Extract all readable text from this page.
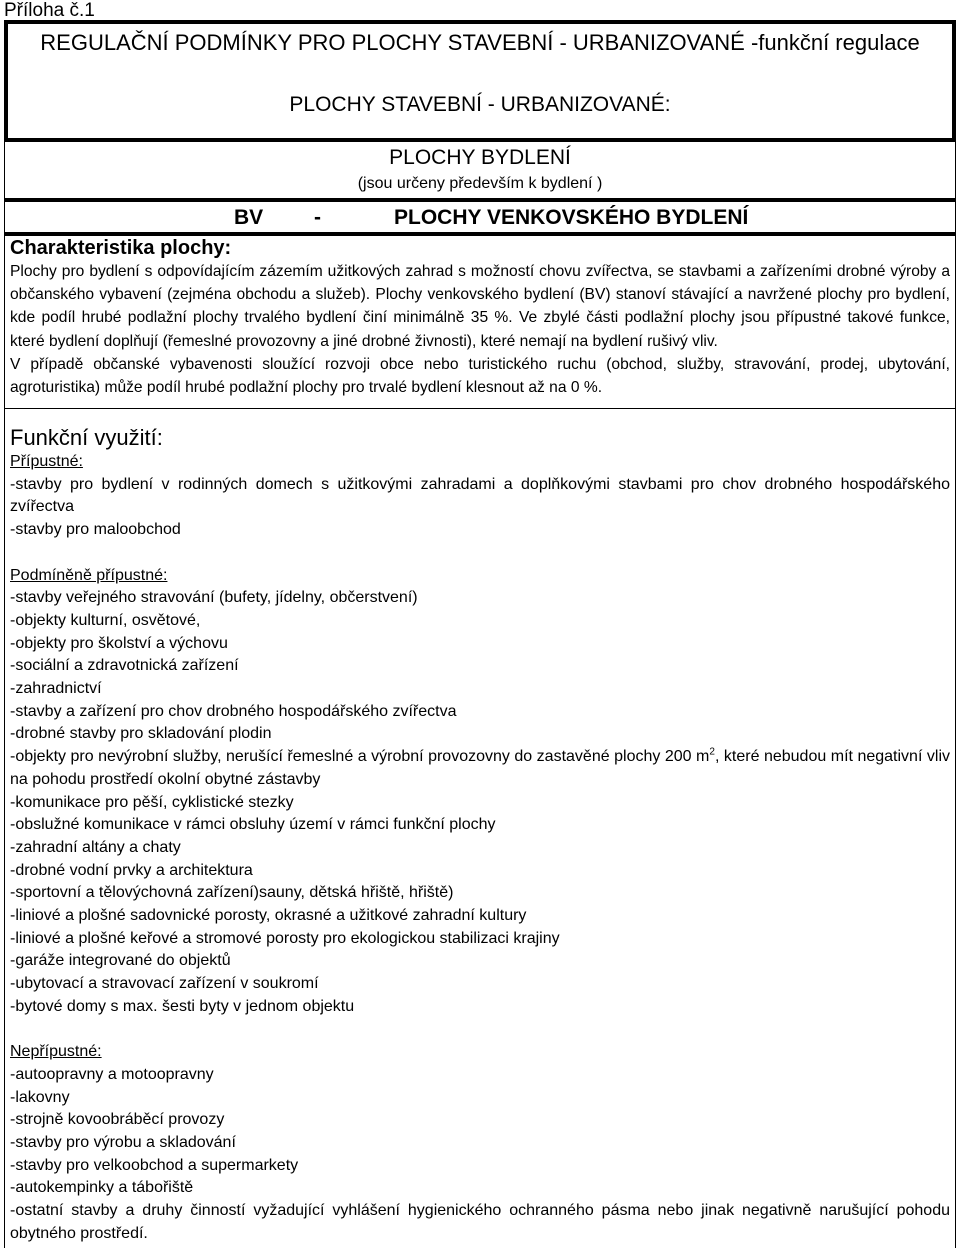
Příloha č.1
REGULAČNÍ PODMÍNKY PRO PLOCHY STAVEBNÍ - URBANIZOVANÉ -funkční regulace
PLOCHY STAVEBNÍ - URBANIZOVANÉ:
PLOCHY BYDLENÍ
(jsou určeny především k bydlení )
BV -	PLOCHY VENKOVSKÉHO BYDLENÍ
Charakteristika plochy:

Plochy pro bydlení s odpovídajícím zázemím užitkových zahrad s možností chovu zvířectva, se stavbami a zařízeními drobné výroby a občanského vybavení (zejména obchodu a služeb). Plochy venkovského bydlení (BV) stanoví stávající a navržené plochy pro bydlení, kde podíl hrubé podlažní plochy trvalého bydlení činí minimálně 35 %. Ve zbylé části podlažní plochy jsou přípustné takové funkce, které bydlení doplňují (řemeslné provozovny a jiné drobné živnosti), které nemají na bydlení rušivý vliv.

V případě občanské vybavenosti sloužící rozvoji obce nebo turistického ruchu (obchod, služby, stravování, prodej, ubytování, agroturistika) může podíl hrubé podlažní plochy pro trvalé bydlení klesnout až na 0 %.

Funkční využití:
Přípustné:

-stavby pro bydlení v rodinných domech s užitkovými zahradami a doplňkovými stavbami pro chov drobného hospodářského zvířectva

-stavby pro maloobchod

Podmíněně přípustné:

-stavby veřejného stravování (bufety, jídelny, občerstvení)

-objekty kulturní, osvětové,

-objekty pro školství a výchovu

-sociální a zdravotnická zařízení

-zahradnictví

-stavby a zařízení pro chov drobného hospodářského zvířectva

-drobné stavby pro skladování plodin

-objekty pro nevýrobní služby, nerušící řemeslné a výrobní provozovny do zastavěné plochy 200 $m^2$, které nebudou mít negativní vliv na pohodu prostředí okolní obytné zástavby

-komunikace pro pěší, cyklistické stezky

-obslužné komunikace v rámci obsluhy území v rámci funkční plochy

-zahradní altány a chaty

-drobné vodní prvky a architektura

-sportovní a tělovýchovná zařízení)sauny, dětská hřiště, hřiště)

-liniové a plošné sadovnické porosty, okrasné a užitkové zahradní kultury

-liniové a plošné keřové a stromové porosty pro ekologickou stabilizaci krajiny

-garáže integrované do objektů

-ubytovací a stravovací zařízení v soukromí

-bytové domy s max. šesti byty v jednom objektu

Nepřípustné:

-autoopravny a motoopravny

-lakovny

-strojně kovoobráběcí provozy

-stavby pro výrobu a skladování

-stavby pro velkoobchod a supermarkety

-autokempinky a tábořiště

-ostatní stavby a druhy činností vyžadující vyhlášení hygienického ochranného pásma nebo jinak negativně narušující pohodu obytného prostředí.
